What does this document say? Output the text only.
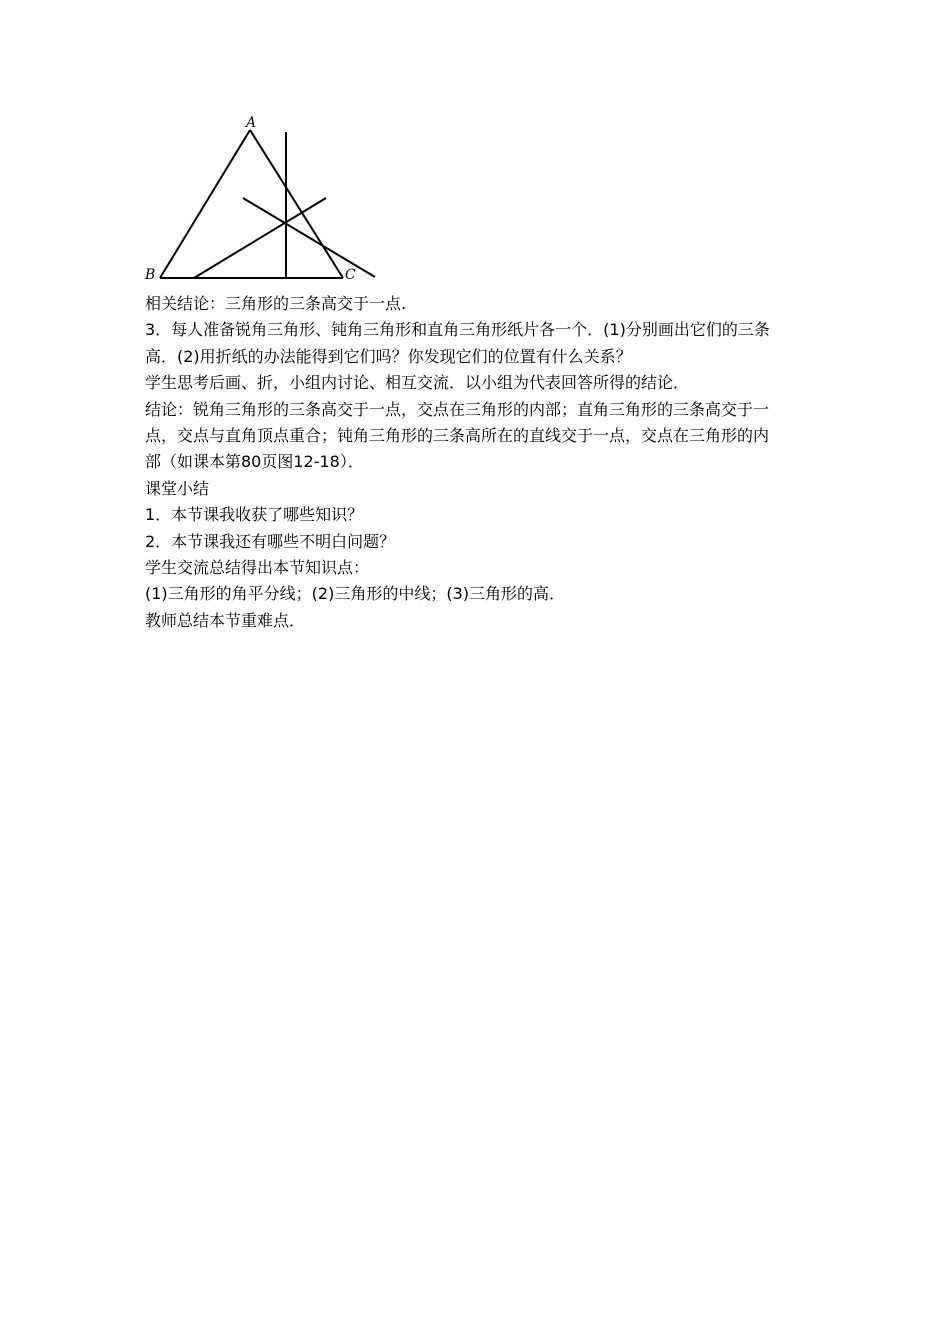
A
B	C
相关结论：三角形的三条高交于一点.
3．每人准备锐角三角形、钝角三角形和直角三角形纸片各一个．(1)分别画出它们的三条
高．(2)用折纸的办法能得到它们吗？你发现它们的位置有什么关系？
学生思考后画、折，小组内讨论、相互交流．以小组为代表回答所得的结论．
结论：锐角三角形的三条高交于一点，交点在三角形的内部；直角三角形的三条高交于一
点，交点与直角顶点重合；钝角三角形的三条高所在的直线交于一点，交点在三角形的内
部（如课本第80页图12-18）．
课堂小结
1．本节课我收获了哪些知识？
2．本节课我还有哪些不明白问题？
学生交流总结得出本节知识点：
(1)三角形的角平分线；(2)三角形的中线；(3)三角形的高．
教师总结本节重难点．
